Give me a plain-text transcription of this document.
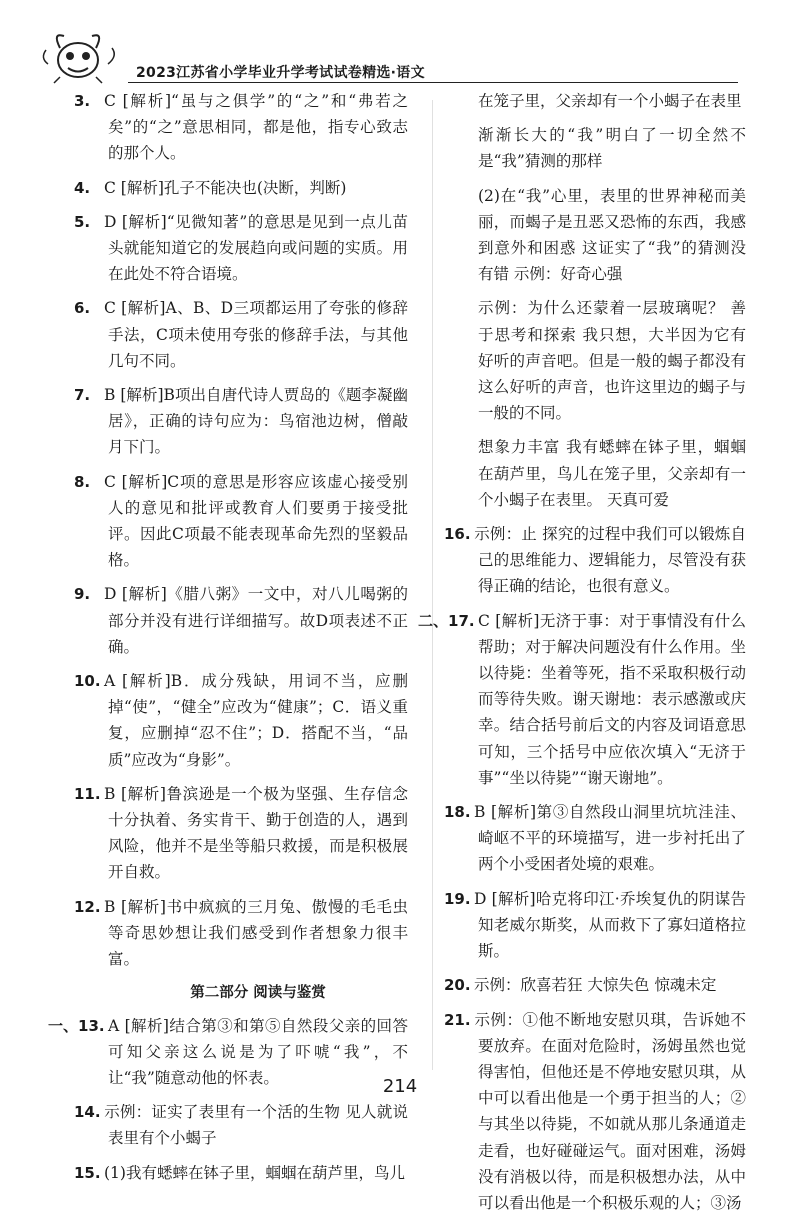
2023江苏省小学毕业升学考试试卷精选·语文
3. C [解析]“虽与之俱学”的“之”和“弗若之矣”的“之”意思相同，都是他，指专心致志的那个人。
4. C [解析]孔子不能决也(决断，判断)
5. D [解析]“见微知著”的意思是见到一点儿苗头就能知道它的发展趋向或问题的实质。用在此处不符合语境。
6. C [解析]A、B、D三项都运用了夸张的修辞手法，C项未使用夸张的修辞手法，与其他几句不同。
7. B [解析]B项出自唐代诗人贾岛的《题李凝幽居》，正确的诗句应为：鸟宿池边树，僧敲月下门。
8. C [解析]C项的意思是形容应该虚心接受别人的意见和批评或教育人们要勇于接受批评。因此C项最不能表现革命先烈的坚毅品格。
9. D [解析]《腊八粥》一文中，对八儿喝粥的部分并没有进行详细描写。故D项表述不正确。
10. A [解析]B．成分残缺，用词不当，应删掉“使”，“健全”应改为“健康”；C．语义重复，应删掉“忍不住”；D．搭配不当，“品质”应改为“身影”。
11. B [解析]鲁滨逊是一个极为坚强、生存信念十分执着、务实肯干、勤于创造的人，遇到风险，他并不是坐等船只救援，而是积极展开自救。
12. B [解析]书中疯疯的三月兔、傲慢的毛毛虫等奇思妙想让我们感受到作者想象力很丰富。
第二部分 阅读与鉴赏
一、13. A [解析]结合第③和第⑤自然段父亲的回答可知父亲这么说是为了吓唬“我”，不让“我”随意动他的怀表。
14. 示例：证实了表里有一个活的生物 见人就说表里有个小蝎子
15. (1)我有蟋蟀在钵子里，蝈蝈在葫芦里，鸟儿
在笼子里，父亲却有一个小蝎子在表里
渐渐长大的“我”明白了一切全然不是“我”猜测的那样
(2)在“我”心里，表里的世界神秘而美丽，而蝎子是丑恶又恐怖的东西，我感到意外和困惑 这证实了“我”的猜测没有错 示例：好奇心强
示例：为什么还蒙着一层玻璃呢？ 善于思考和探索 我只想，大半因为它有好听的声音吧。但是一般的蝎子都没有这么好听的声音，也许这里边的蝎子与一般的不同。
想象力丰富 我有蟋蟀在钵子里，蝈蝈在葫芦里，鸟儿在笼子里，父亲却有一个小蝎子在表里。 天真可爱
16. 示例：止 探究的过程中我们可以锻炼自己的思维能力、逻辑能力，尽管没有获得正确的结论，也很有意义。
二、17. C [解析]无济于事：对于事情没有什么帮助；对于解决问题没有什么作用。坐以待毙：坐着等死，指不采取积极行动而等待失败。谢天谢地：表示感激或庆幸。结合括号前后文的内容及词语意思可知，三个括号中应依次填入“无济于事”“坐以待毙”“谢天谢地”。
18. B [解析]第③自然段山洞里坑坑洼洼、崎岖不平的环境描写，进一步衬托出了两个小受困者处境的艰难。
19. D [解析]哈克将印江·乔埃复仇的阴谋告知老威尔斯奖，从而救下了寡妇道格拉斯。
20. 示例：欣喜若狂 大惊失色 惊魂未定
21. 示例：①他不断地安慰贝琪，告诉她不要放弃。在面对危险时，汤姆虽然也觉得害怕，但他还是不停地安慰贝琪，从中可以看出他是一个勇于担当的人；②与其坐以待毙，不如就从那儿条通道走走看，也好碰碰运气。面对困难，汤姆没有消极以待，而是积极想办法，从中可以看出他是一个积极乐观的人；③汤
214
